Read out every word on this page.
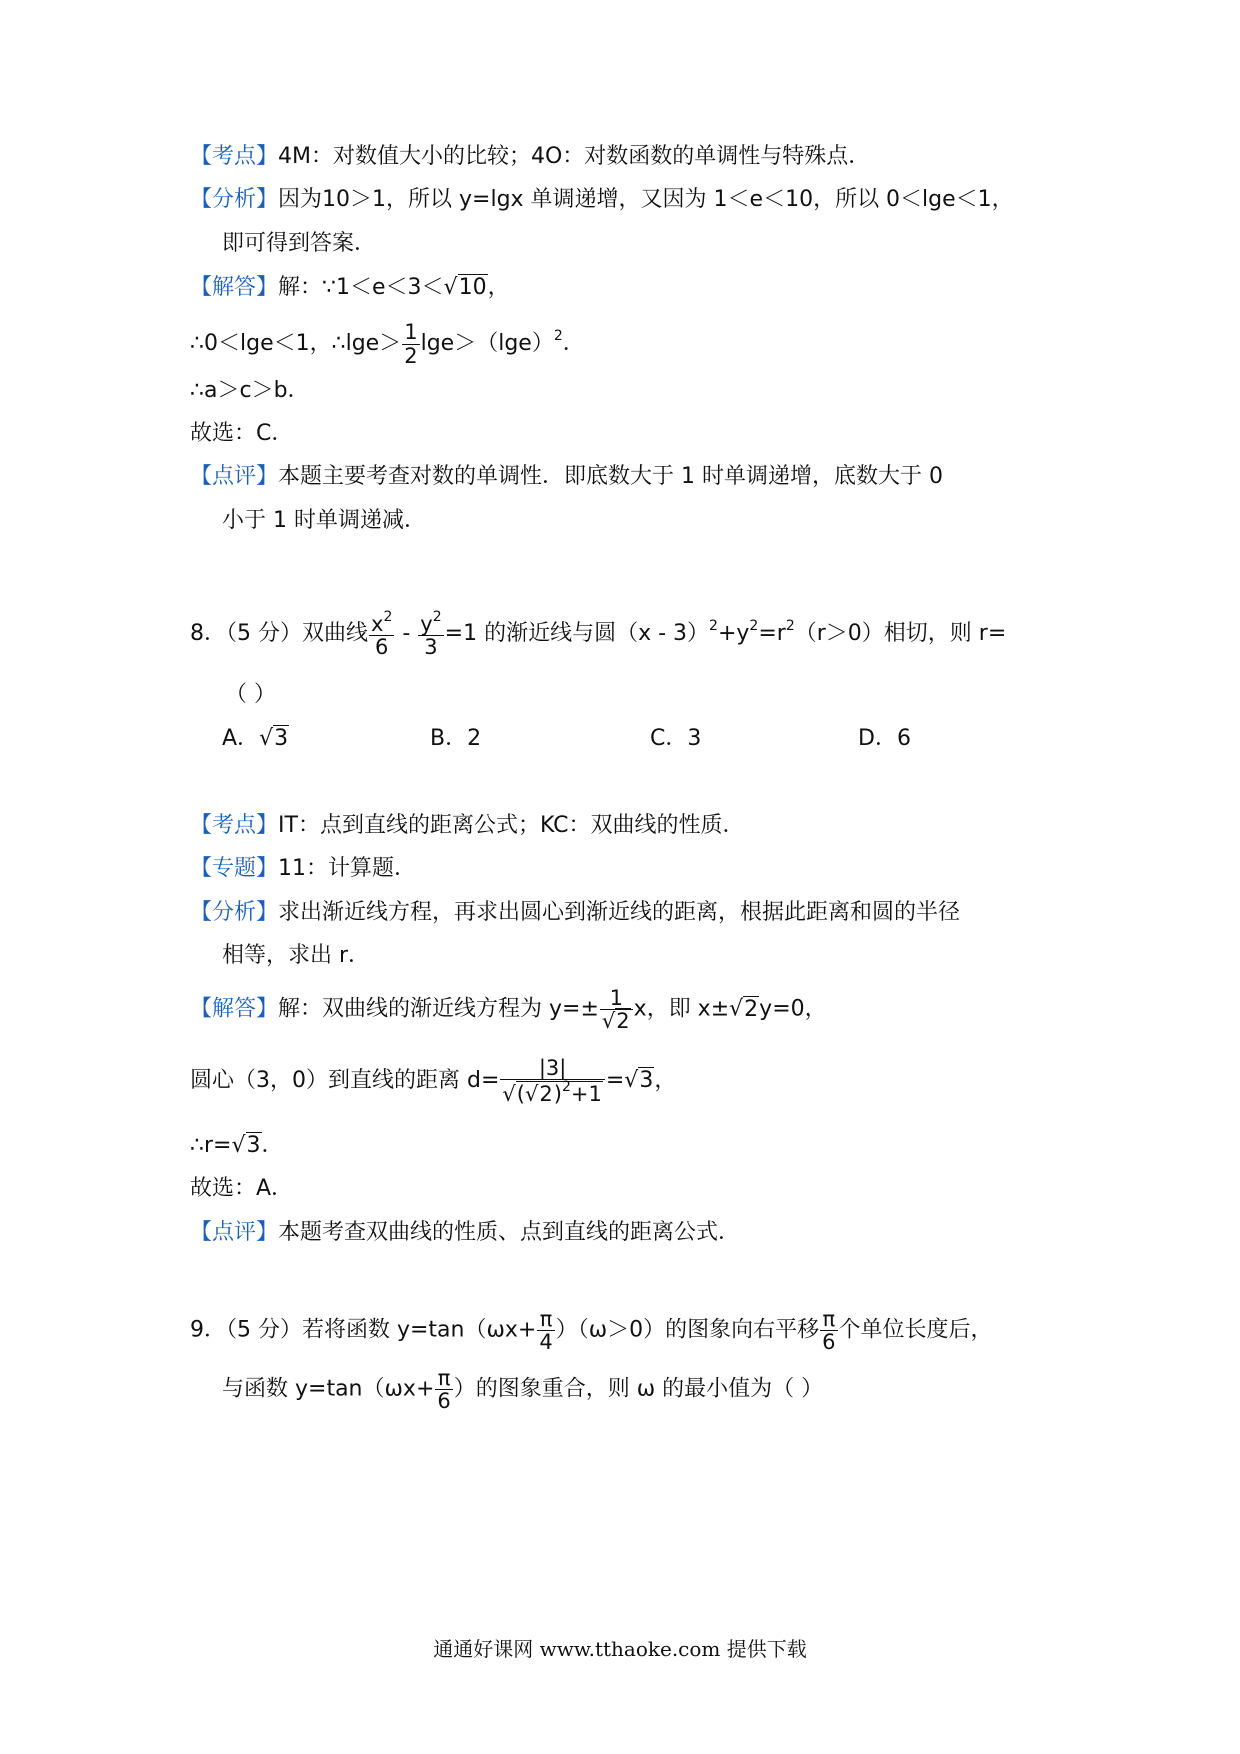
【考点】4M：对数值大小的比较；4O：对数函数的单调性与特殊点．
【分析】因为10＞1，所以 y=lgx 单调递增，又因为 1＜e＜10，所以 0＜lge＜1，
即可得到答案．
【解答】解：∵1＜e＜3＜√10，
∴0＜lge＜1，∴lge＞ $\frac{1}{2} \lg e>(\lg e)^2$．
∴a＞c＞b．
故选：C．
【点评】本题主要考查对数的单调性．即底数大于 1 时单调递增，底数大于 0
小于 1 时单调递减．
8．（5 分）双曲线 $\frac{x^2}{6} - \frac{y^2}{3} =1$ 的渐近线与圆$(x - 3)^2+y^2=r^2(r>0)$相切，则 r=
（ ）
A．√3	B．2	C．3	D．6
【考点】IT：点到直线的距离公式；KC：双曲线的性质．
【专题】11：计算题．
【分析】求出渐近线方程，再求出圆心到渐近线的距离，根据此距离和圆的半径
相等，求出 r．
【解答】解：双曲线的渐近线方程为 $y=\pm \frac{1}{√2}$ x，即 x±√2y=0，
圆心（3，0）到直线的距离 $d= \frac{|3|}{√(√2)^2+1} =√3$，
∴r=√3．
故选：A．
【点评】本题考查双曲线的性质、点到直线的距离公式．
9．（5 分）若将函数 $y=\tan(\omega x+ \frac{\pi}{4} )(\omega>0)$的图象向右平移 $\frac{\pi}{6}$ 个单位长度后，
与函数 $y=\tan(\omega x+ \frac{\pi}{6}$ ）的图象重合，则 ω 的最小值为（ ）
通通好课网 www.tthaoke.com 提供下载
